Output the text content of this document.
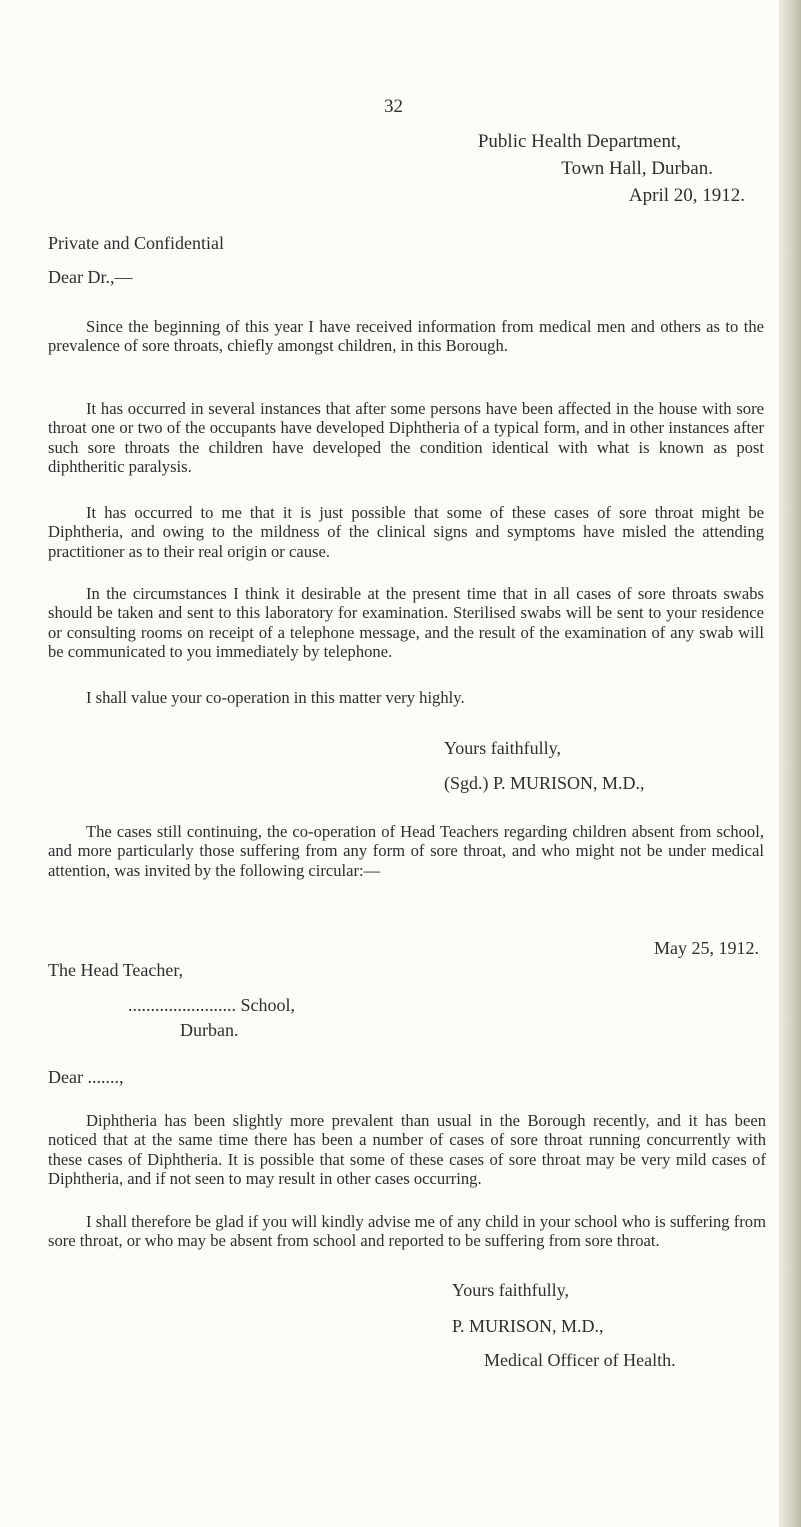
32
Public Health Department,
Town Hall, Durban.
April 20, 1912.
Private and Confidential
Dear Dr.,—
Since the beginning of this year I have received information from medical men and others as to the prevalence of sore throats, chiefly amongst children, in this Borough.
It has occurred in several instances that after some persons have been affected in the house with sore throat one or two of the occupants have developed Diphtheria of a typical form, and in other instances after such sore throats the children have developed the condition identical with what is known as post diphtheritic paralysis.
It has occurred to me that it is just possible that some of these cases of sore throat might be Diphtheria, and owing to the mildness of the clinical signs and symptoms have misled the attending practitioner as to their real origin or cause.
In the circumstances I think it desirable at the present time that in all cases of sore throats swabs should be taken and sent to this laboratory for examination. Sterilised swabs will be sent to your residence or consulting rooms on receipt of a telephone message, and the result of the examination of any swab will be communicated to you immediately by telephone.
I shall value your co-operation in this matter very highly.
Yours faithfully,
(Sgd.) P. MURISON, M.D.,
The cases still continuing, the co-operation of Head Teachers regarding children absent from school, and more particularly those suffering from any form of sore throat, and who might not be under medical attention, was invited by the following circular:—
May 25, 1912.
The Head Teacher,
........................ School,
Durban.
Dear .......,
Diphtheria has been slightly more prevalent than usual in the Borough recently, and it has been noticed that at the same time there has been a number of cases of sore throat running concurrently with these cases of Diphtheria. It is possible that some of these cases of sore throat may be very mild cases of Diphtheria, and if not seen to may result in other cases occurring.
I shall therefore be glad if you will kindly advise me of any child in your school who is suffering from sore throat, or who may be absent from school and reported to be suffering from sore throat.
Yours faithfully,
P. MURISON, M.D.,
Medical Officer of Health.
